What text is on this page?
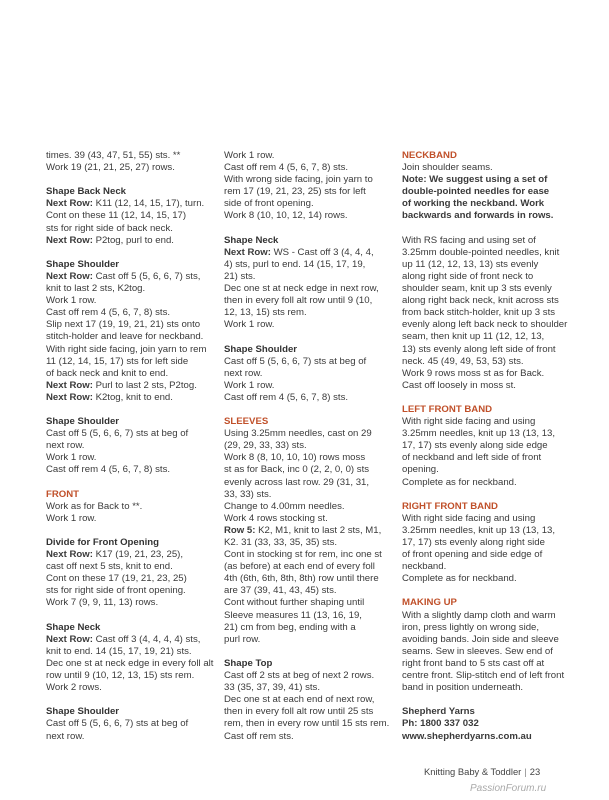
times. 39 (43, 47, 51, 55) sts. **
Work 19 (21, 21, 25, 27) rows.
Shape Back Neck
Next Row: K11 (12, 14, 15, 17), turn.
Cont on these 11 (12, 14, 15, 17)
sts for right side of back neck.
Next Row: P2tog, purl to end.
Shape Shoulder
Next Row: Cast off 5 (5, 6, 6, 7) sts,
knit to last 2 sts, K2tog.
Work 1 row.
Cast off rem 4 (5, 6, 7, 8) sts.
Slip next 17 (19, 19, 21, 21) sts onto
stitch-holder and leave for neckband.
With right side facing, join yarn to rem
11 (12, 14, 15, 17) sts for left side
of back neck and knit to end.
Next Row: Purl to last 2 sts, P2tog.
Next Row: K2tog, knit to end.
Shape Shoulder
Cast off 5 (5, 6, 6, 7) sts at beg of
next row.
Work 1 row.
Cast off rem 4 (5, 6, 7, 8) sts.
FRONT
Work as for Back to **.
Work 1 row.
Divide for Front Opening
Next Row: K17 (19, 21, 23, 25),
cast off next 5 sts, knit to end.
Cont on these 17 (19, 21, 23, 25)
sts for right side of front opening.
Work 7 (9, 9, 11, 13) rows.
Shape Neck
Next Row: Cast off 3 (4, 4, 4, 4) sts,
knit to end. 14 (15, 17, 19, 21) sts.
Dec one st at neck edge in every foll alt
row until 9 (10, 12, 13, 15) sts rem.
Work 2 rows.
Shape Shoulder
Cast off 5 (5, 6, 6, 7) sts at beg of
next row.
Work 1 row.
Cast off rem 4 (5, 6, 7, 8) sts.
With wrong side facing, join yarn to
rem 17 (19, 21, 23, 25) sts for left
side of front opening.
Work 8 (10, 10, 12, 14) rows.
Shape Neck
Next Row: WS - Cast off 3 (4, 4, 4,
4) sts, purl to end. 14 (15, 17, 19,
21) sts.
Dec one st at neck edge in next row,
then in every foll alt row until 9 (10,
12, 13, 15) sts rem.
Work 1 row.
Shape Shoulder
Cast off 5 (5, 6, 6, 7) sts at beg of
next row.
Work 1 row.
Cast off rem 4 (5, 6, 7, 8) sts.
SLEEVES
Using 3.25mm needles, cast on 29
(29, 29, 33, 33) sts.
Work 8 (8, 10, 10, 10) rows moss
st as for Back, inc 0 (2, 2, 0, 0) sts
evenly across last row. 29 (31, 31,
33, 33) sts.
Change to 4.00mm needles.
Work 4 rows stocking st.
Row 5: K2, M1, knit to last 2 sts, M1,
K2. 31 (33, 33, 35, 35) sts.
Cont in stocking st for rem, inc one st
(as before) at each end of every foll
4th (6th, 6th, 8th, 8th) row until there
are 37 (39, 41, 43, 45) sts.
Cont without further shaping until
Sleeve measures 11 (13, 16, 19,
21) cm from beg, ending with a
purl row.
Shape Top
Cast off 2 sts at beg of next 2 rows.
33 (35, 37, 39, 41) sts.
Dec one st at each end of next row,
then in every foll alt row until 25 sts
rem, then in every row until 15 sts rem.
Cast off rem sts.
NECKBAND
Join shoulder seams.
Note: We suggest using a set of
double-pointed needles for ease
of working the neckband. Work
backwards and forwards in rows.
With RS facing and using set of
3.25mm double-pointed needles, knit
up 11 (12, 12, 13, 13) sts evenly
along right side of front neck to
shoulder seam, knit up 3 sts evenly
along right back neck, knit across sts
from back stitch-holder, knit up 3 sts
evenly along left back neck to shoulder
seam, then knit up 11 (12, 12, 13,
13) sts evenly along left side of front
neck. 45 (49, 49, 53, 53) sts.
Work 9 rows moss st as for Back.
Cast off loosely in moss st.
LEFT FRONT BAND
With right side facing and using
3.25mm needles, knit up 13 (13, 13,
17, 17) sts evenly along side edge
of neckband and left side of front
opening.
Complete as for neckband.
RIGHT FRONT BAND
With right side facing and using
3.25mm needles, knit up 13 (13, 13,
17, 17) sts evenly along right side
of front opening and side edge of
neckband.
Complete as for neckband.
MAKING UP
With a slightly damp cloth and warm
iron, press lightly on wrong side,
avoiding bands. Join side and sleeve
seams. Sew in sleeves. Sew end of
right front band to 5 sts cast off at
centre front. Slip-stitch end of left front
band in position underneath.
Shepherd Yarns
Ph: 1800 337 032
www.shepherdyarns.com.au
Knitting Baby & Toddler | 23
PassionForum.ru
